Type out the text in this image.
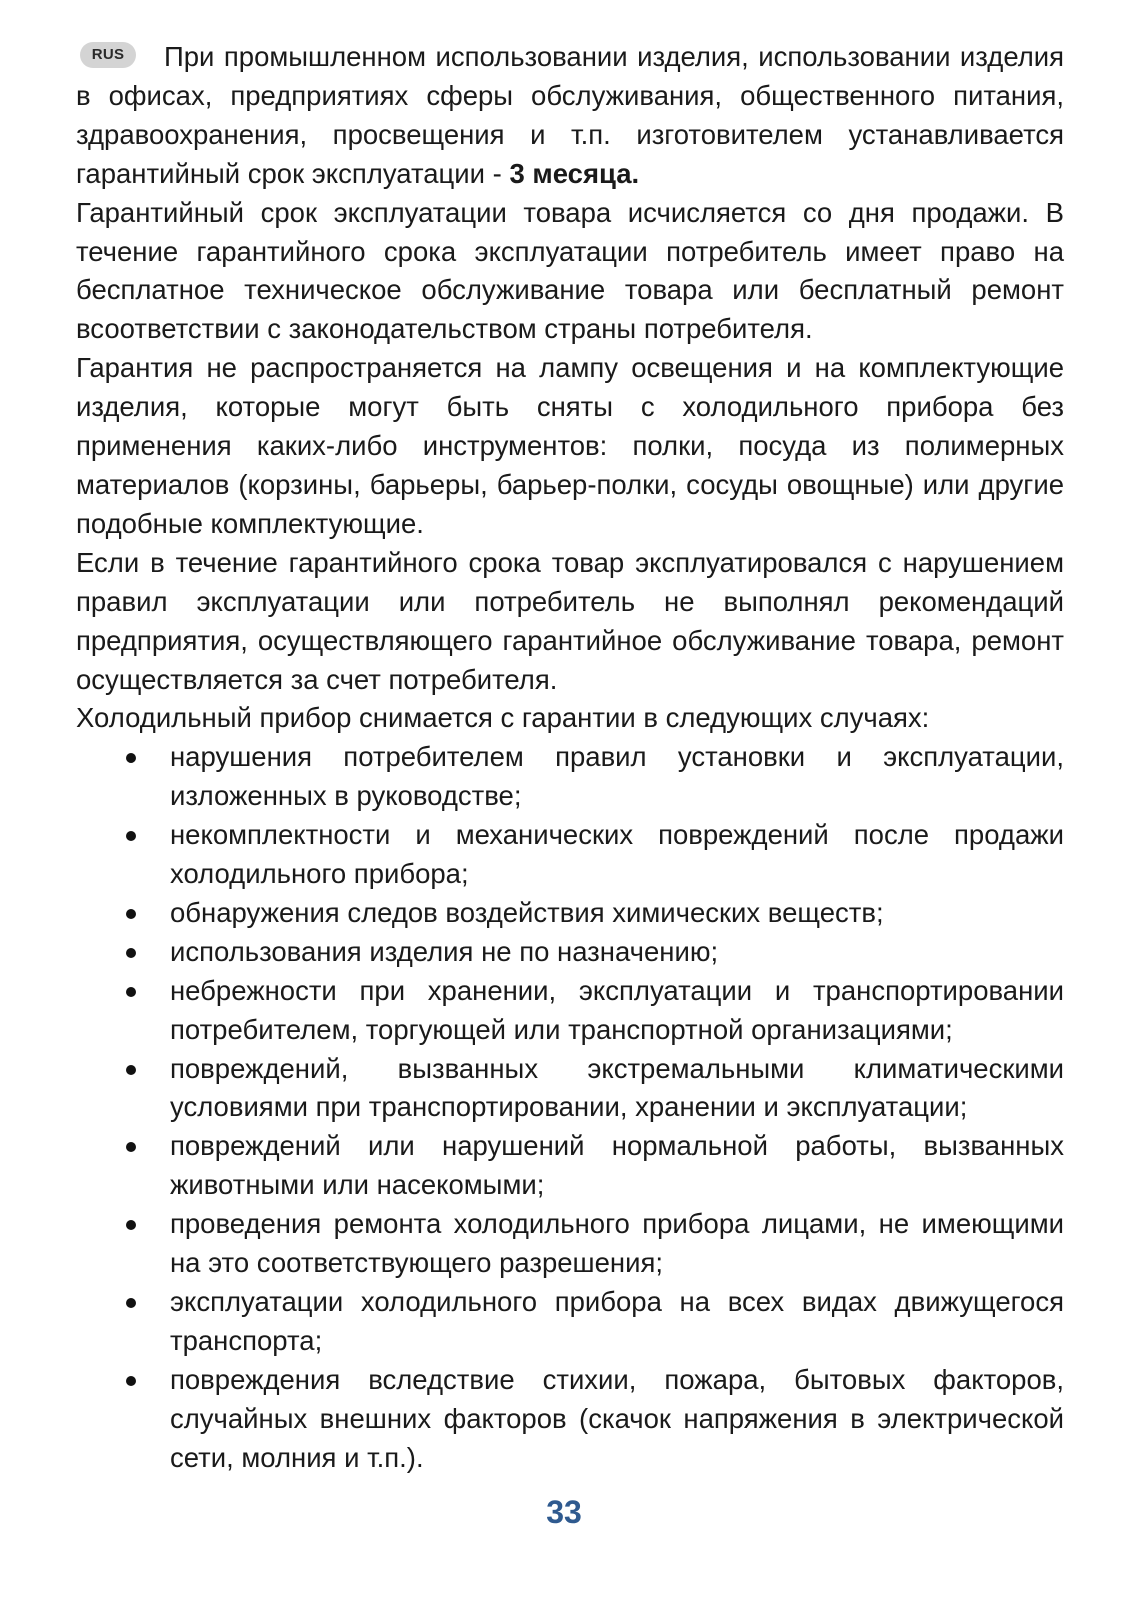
RUS	При промышленном использовании изделия, использовании изделия в офисах, предприятиях сферы обслуживания, общественного питания, здравоохранения, просвещения и т.п. изготовителем устанавливается гарантийный срок эксплуатации - 3 месяца.

Гарантийный срок эксплуатации товара исчисляется со дня продажи. В течение гарантийного срока эксплуатации потребитель имеет право на бесплатное техническое обслуживание товара или бесплатный ремонт всоответствии с законодательством страны потребителя.

Гарантия не распространяется на лампу освещения и на комплектующие изделия, которые могут быть сняты с холодильного прибора без применения каких-либо инструментов: полки, посуда из полимерных материалов (корзины, барьеры, барьер-полки, сосуды овощные) или другие подобные комплектующие.

Если в течение гарантийного срока товар эксплуатировался с нарушением правил эксплуатации или потребитель не выполнял рекомендаций предприятия, осуществляющего гарантийное обслуживание товара, ремонт осуществляется за счет потребителя.

Холодильный прибор снимается с гарантии в следующих случаях:

нарушения потребителем правил установки и эксплуатации, изложенных в руководстве;
некомплектности и механических повреждений после продажи холодильного прибора;
обнаружения следов воздействия химических веществ;
использования изделия не по назначению;
небрежности при хранении, эксплуатации и транспортировании потребителем, торгующей или транспортной организациями;
повреждений, вызванных экстремальными климатическими условиями при транспортировании, хранении и эксплуатации;
повреждений или нарушений нормальной работы, вызванных животными или насекомыми;
проведения ремонта холодильного прибора лицами, не имеющими на это соответствующего разрешения;
эксплуатации холодильного прибора на всех видах движущегося транспорта;
повреждения вследствие стихии, пожара, бытовых факторов, случайных внешних факторов (скачок напряжения в электрической сети, молния и т.п.).
33
